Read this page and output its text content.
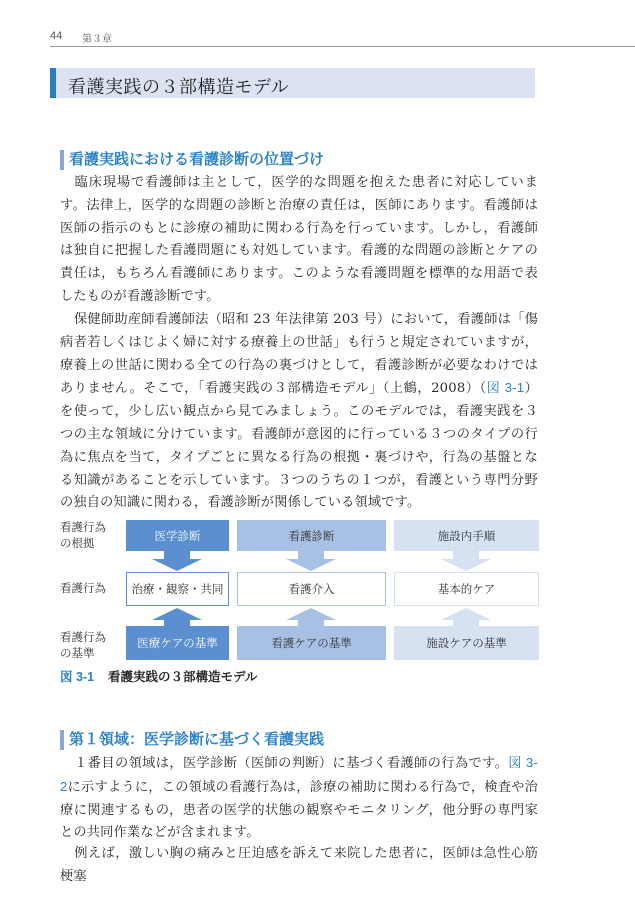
44 第３章
看護実践の３部構造モデル
看護実践における看護診断の位置づけ
臨床現場で看護師は主として，医学的な問題を抱えた患者に対応しています。法律上，医学的な問題の診断と治療の責任は，医師にあります。看護師は医師の指示のもとに診療の補助に関わる行為を行っています。しかし，看護師は独自に把握した看護問題にも対処しています。看護的な問題の診断とケアの責任は，もちろん看護師にあります。このような看護問題を標準的な用語で表したものが看護診断です。
保健師助産師看護師法（昭和 23 年法律第 203 号）において，看護師は「傷病者若しくはじよく婦に対する療養上の世話」も行うと規定されていますが，療養上の世話に関わる全ての行為の裏づけとして，看護診断が必要なわけではありません。そこで，「看護実践の３部構造モデル」（上鶴，2008）（図 3-1）を使って，少し広い観点から見てみましょう。このモデルでは，看護実践を３つの主な領域に分けています。看護師が意図的に行っている３つのタイプの行為に焦点を当て，タイプごとに異なる行為の根拠・裏づけや，行為の基盤となる知識があることを示しています。３つのうちの１つが，看護という専門分野の独自の知識に関わる，看護診断が関係している領域です。
看護行為の根拠
看護行為
看護行為の基準
医学診断
治療・観察・共同
医療ケアの基準
看護診断
看護介入
看護ケアの基準
施設内手順
基本的ケア
施設ケアの基準
図 3-1 看護実践の３部構造モデル
第１領域：医学診断に基づく看護実践
１番目の領域は，医学診断（医師の判断）に基づく看護師の行為です。図 3-2に示すように，この領域の看護行為は，診療の補助に関わる行為で，検査や治療に関連するもの，患者の医学的状態の観察やモニタリング，他分野の専門家との共同作業などが含まれます。
例えば，激しい胸の痛みと圧迫感を訴えて来院した患者に，医師は急性心筋梗塞
